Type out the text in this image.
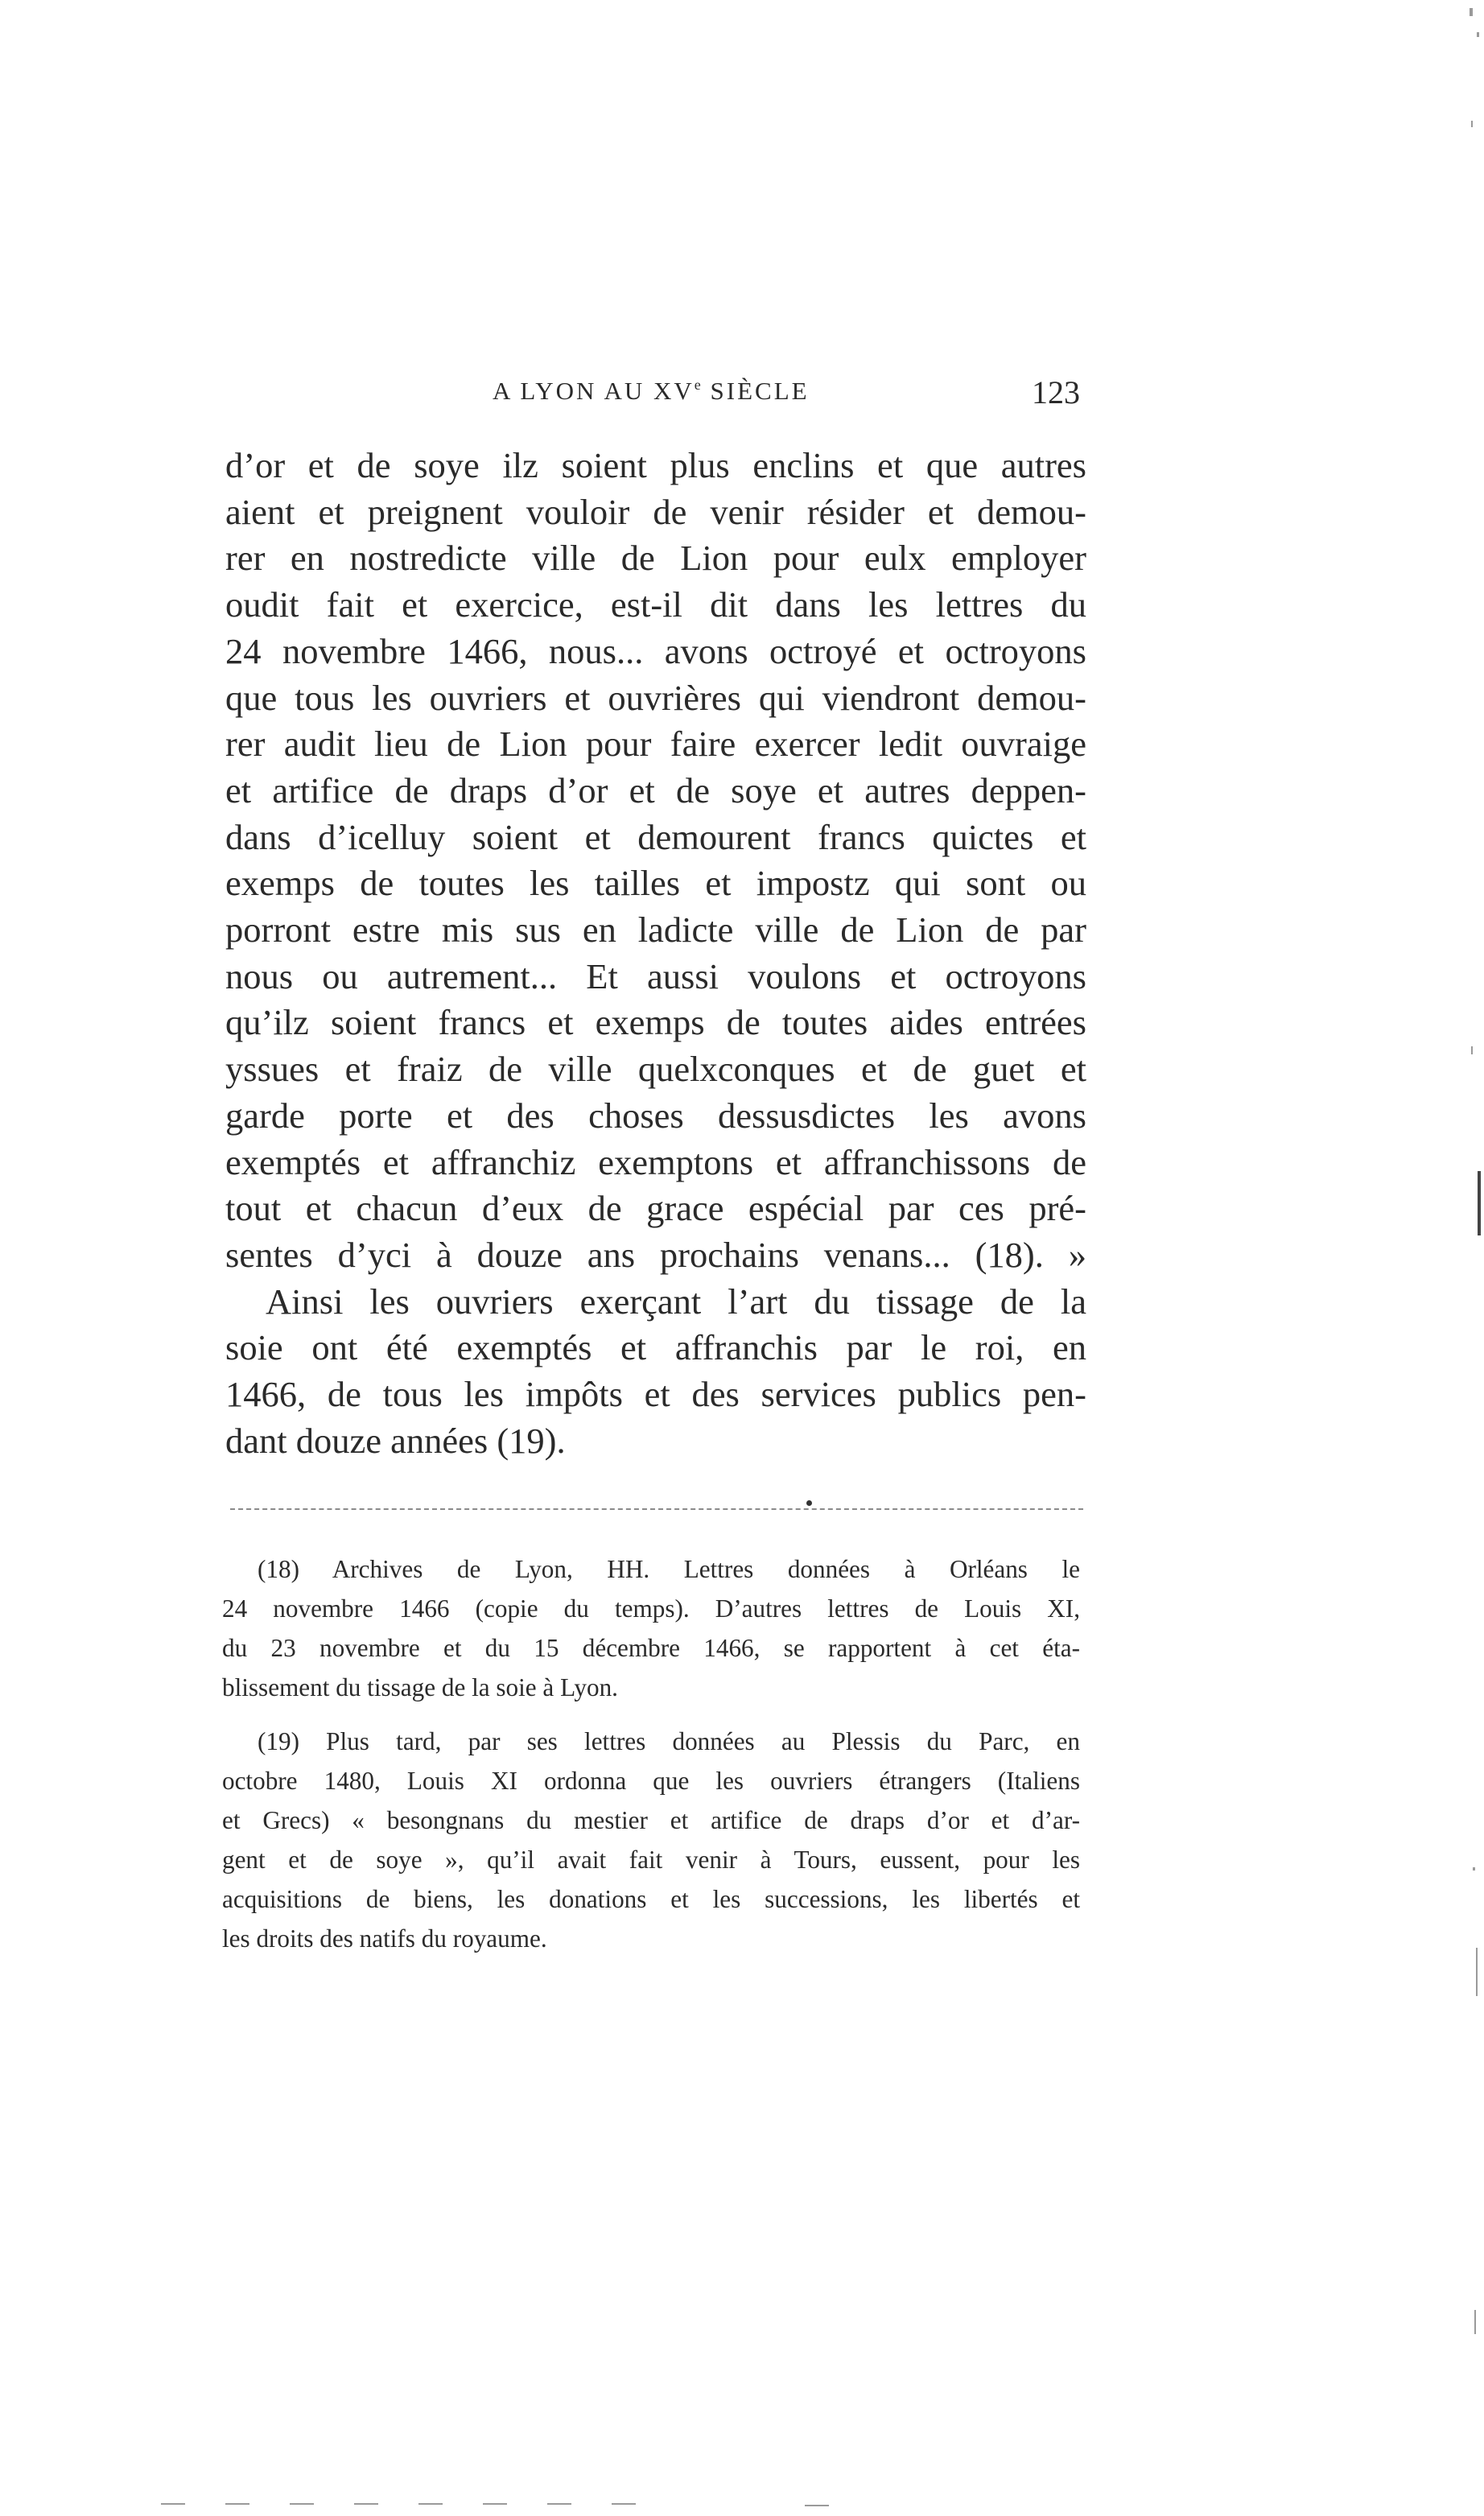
A LYON AU XVe SIÈCLE	123
d’or et de soye ilz soient plus enclins et que autres
aient et preignent vouloir de venir résider et demou-
rer en nostredicte ville de Lion pour eulx employer
oudit fait et exercice, est-il dit dans les lettres du
24 novembre 1466, nous... avons octroyé et octroyons
que tous les ouvriers et ouvrières qui viendront demou-
rer audit lieu de Lion pour faire exercer ledit ouvraige
et artifice de draps d’or et de soye et autres deppen-
dans d’icelluy soient et demourent francs quictes et
exemps de toutes les tailles et impostz qui sont ou
porront estre mis sus en ladicte ville de Lion de par
nous ou autrement... Et aussi voulons et octroyons
qu’ilz soient francs et exemps de toutes aides entrées
yssues et fraiz de ville quelxconques et de guet et
garde porte et des choses dessusdictes les avons
exemptés et affranchiz exemptons et affranchissons de
tout et chacun d’eux de grace espécial par ces pré-
sentes d’yci à douze ans prochains venans... (18). »
Ainsi les ouvriers exerçant l’art du tissage de la
soie ont été exemptés et affranchis par le roi, en
1466, de tous les impôts et des services publics pen-
dant douze années (19).
(18) Archives de Lyon, HH. Lettres données à Orléans le
24 novembre 1466 (copie du temps). D’autres lettres de Louis XI,
du 23 novembre et du 15 décembre 1466, se rapportent à cet éta-
blissement du tissage de la soie à Lyon.
(19) Plus tard, par ses lettres données au Plessis du Parc, en
octobre 1480, Louis XI ordonna que les ouvriers étrangers (Italiens
et Grecs) « besongnans du mestier et artifice de draps d’or et d’ar-
gent et de soye », qu’il avait fait venir à Tours, eussent, pour les
acquisitions de biens, les donations et les successions, les libertés et
les droits des natifs du royaume.
